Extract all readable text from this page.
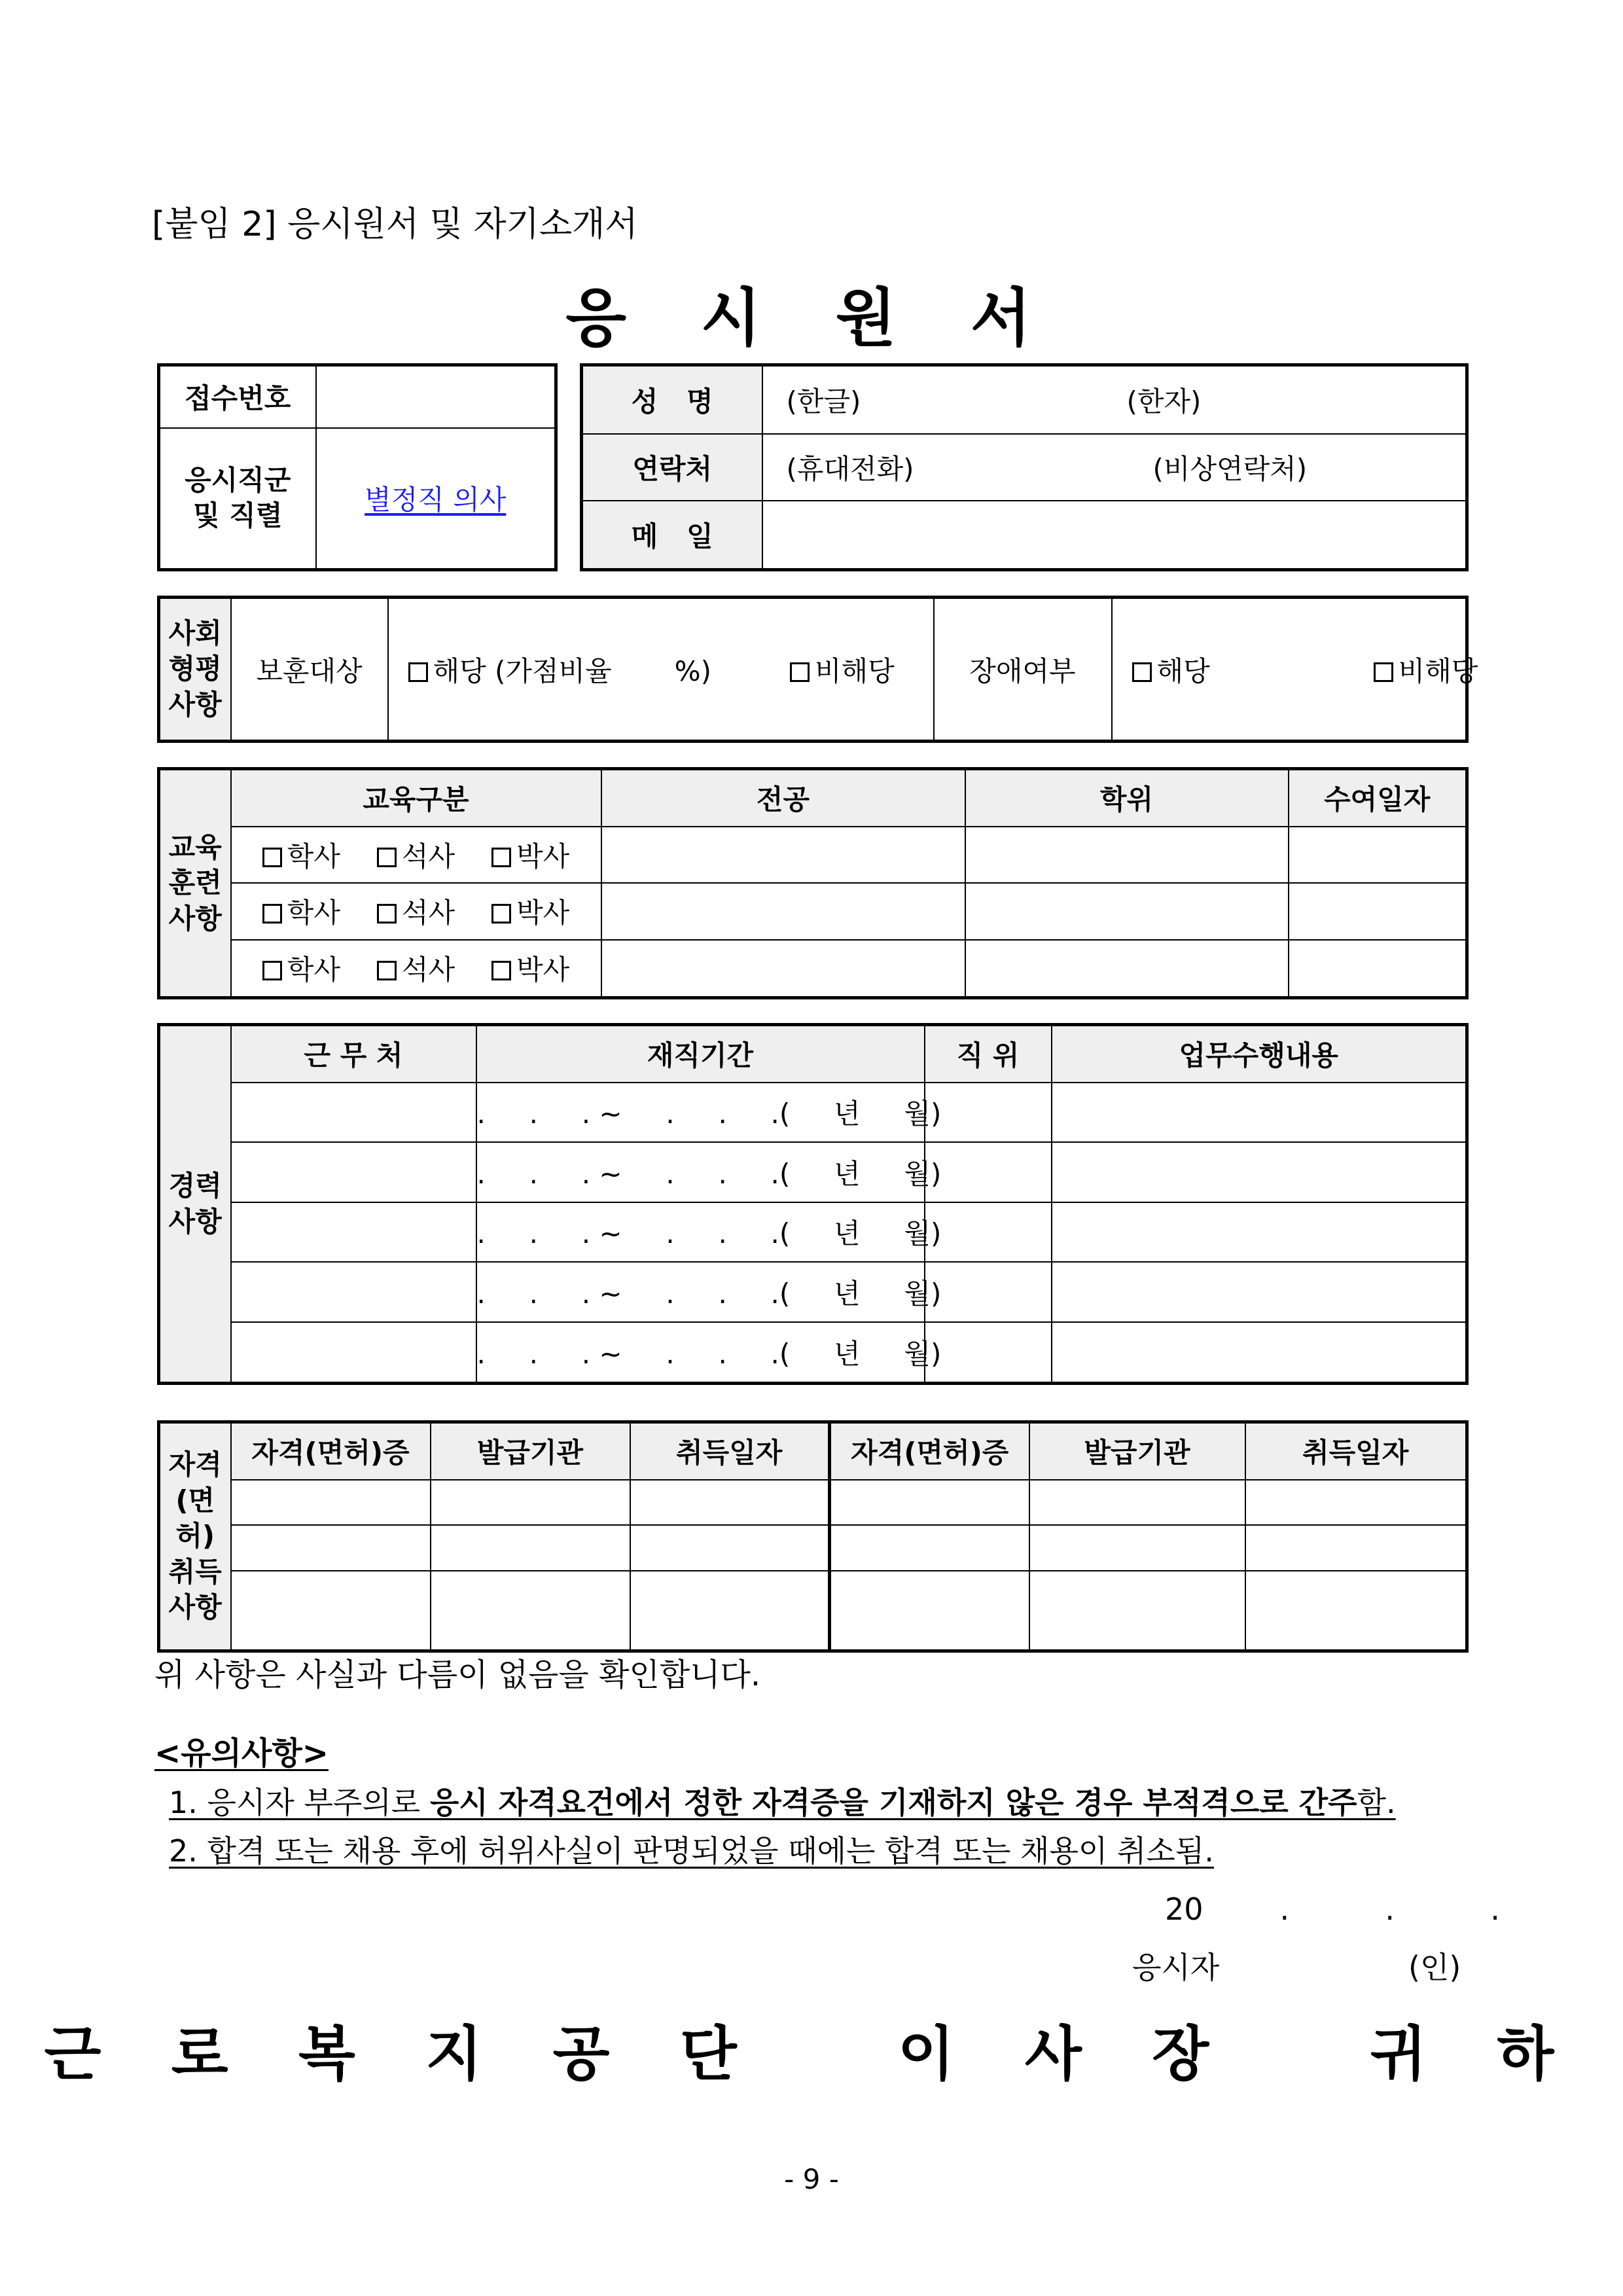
[붙임 2] 응시원서 및 자기소개서
응 시 원 서
접수번호	

응시직군
및 직렬	별정직 의사
성   명	(한글) (한자)
연락처	(휴대전화) (비상연락처)
메   일	
사회
형평
사항
	보훈대상	해당 (가점비율 %)	비해당	장애여부	해당	비해당
교육
훈련
사항	교육구분	전공	학위	수여일자
	학사 석사 박사			
	학사 석사 박사			
	학사 석사 박사			
경력
사항	근 무 처	재직기간	직 위	업무수행내용
		.     .     . ~     .     .     .(     년     월)		
		.     .     . ~     .     .     .(     년     월)		
		.     .     . ~     .     .     .(     년     월)		
		.     .     . ~     .     .     .(     년     월)		
		.     .     . ~     .     .     .(     년     월)		
자격
(면허)
취득
사항	자격(면허)증	발급기관	취득일자	자격(면허)증	발급기관	취득일자

위 사항은 사실과 다름이 없음을 확인합니다.
<유의사항>
1. 응시자 부주의로 응시 자격요건에서 정한 자격증을 기재하지 않은 경우 부적격으로 간주함.
2. 합격 또는 채용 후에 허위사실이 판명되었을 때에는 합격 또는 채용이 취소됨.
20        .          .          .
응시자	(인)
근 로 복 지 공 단   이 사 장   귀 하
- 9 -
